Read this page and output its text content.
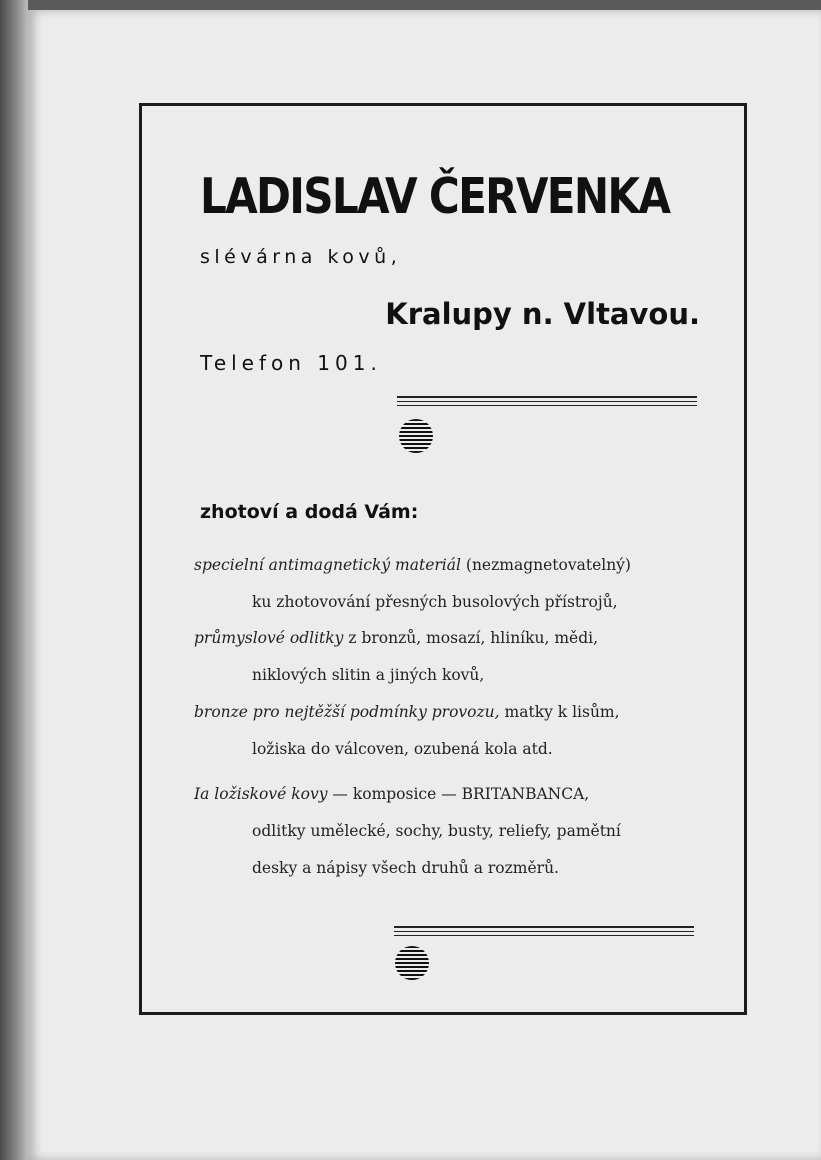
LADISLAV ČERVENKA
slévárna kovů,
Kralupy n. Vltavou.
Telefon 101.
zhotoví a dodá Vám:
specielní antimagnetický materiál (nezmagnetovatelný)
ku zhotovování přesných busolových přístrojů,
průmyslové odlitky z bronzů, mosazí, hliníku, mědi,
niklových slitin a jiných kovů,
bronze pro nejtěžší podmínky provozu, matky k lisům,
ložiska do válcoven, ozubená kola atd.
Ia ložiskové kovy — komposice — BRITANBANCA,
odlitky umělecké, sochy, busty, reliefy, pamětní
desky a nápisy všech druhů a rozměrů.
